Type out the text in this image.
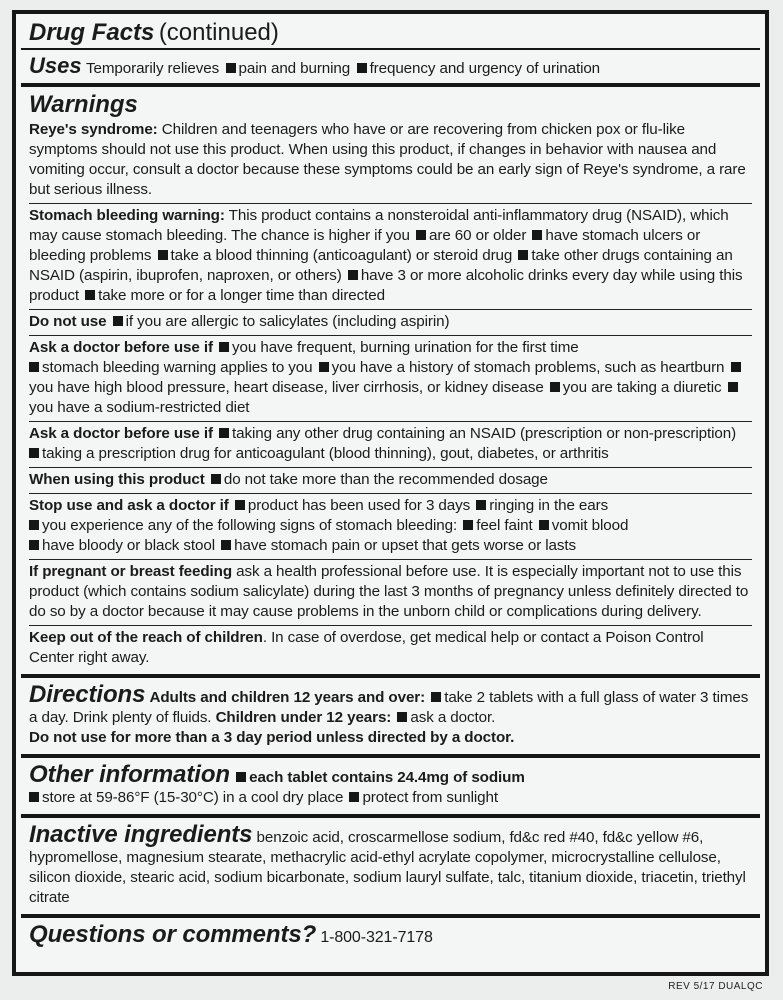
Drug Facts (continued)
Uses Temporarily relieves pain and burning frequency and urgency of urination
Warnings
Reye's syndrome: Children and teenagers who have or are recovering from chicken pox or flu-like symptoms should not use this product. When using this product, if changes in behavior with nausea and vomiting occur, consult a doctor because these symptoms could be an early sign of Reye's syndrome, a rare but serious illness.
Stomach bleeding warning: This product contains a nonsteroidal anti-inflammatory drug (NSAID), which may cause stomach bleeding. The chance is higher if you are 60 or older have stomach ulcers or bleeding problems take a blood thinning (anticoagulant) or steroid drug take other drugs containing an NSAID (aspirin, ibuprofen, naproxen, or others) have 3 or more alcoholic drinks every day while using this product take more or for a longer time than directed
Do not use if you are allergic to salicylates (including aspirin)
Ask a doctor before use if you have frequent, burning urination for the first time
stomach bleeding warning applies to you you have a history of stomach problems, such as heartburn you have high blood pressure, heart disease, liver cirrhosis, or kidney disease you are taking a diuretic you have a sodium-restricted diet
Ask a doctor before use if taking any other drug containing an NSAID (prescription or non-prescription)
taking a prescription drug for anticoagulant (blood thinning), gout, diabetes, or arthritis
When using this product do not take more than the recommended dosage
Stop use and ask a doctor if product has been used for 3 days ringing in the ears
you experience any of the following signs of stomach bleeding: feel faint vomit blood
have bloody or black stool have stomach pain or upset that gets worse or lasts
If pregnant or breast feeding ask a health professional before use. It is especially important not to use this product (which contains sodium salicylate) during the last 3 months of pregnancy unless definitely directed to do so by a doctor because it may cause problems in the unborn child or complications during delivery.
Keep out of the reach of children. In case of overdose, get medical help or contact a Poison Control Center right away.
Directions Adults and children 12 years and over: take 2 tablets with a full glass of water 3 times a day. Drink plenty of fluids. Children under 12 years: ask a doctor.
Do not use for more than a 3 day period unless directed by a doctor.
Other information each tablet contains 24.4mg of sodium
store at 59-86°F (15-30°C) in a cool dry place protect from sunlight
Inactive ingredients benzoic acid, croscarmellose sodium, fd&c red #40, fd&c yellow #6, hypromellose, magnesium stearate, methacrylic acid-ethyl acrylate copolymer, microcrystalline cellulose, silicon dioxide, stearic acid, sodium bicarbonate, sodium lauryl sulfate, talc, titanium dioxide, triacetin, triethyl citrate
Questions or comments? 1-800-321-7178
REV 5/17 DUALQC
